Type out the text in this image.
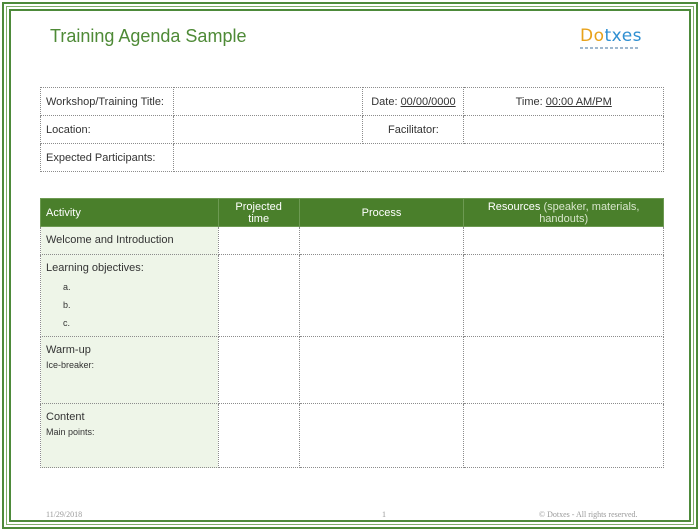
Training Agenda Sample	Dotxes
Workshop/Training Title:		Date: 00/00/0000	Time: 00:00 AM/PM
Location:		Facilitator:	
Expected Participants:			
Activity	Projected time	Process	Resources (speaker, materials, handouts)

Welcome and Introduction			

Learning objectives:
a.
b.
c.			

Warm-up
Ice-breaker:			

Content
Main points:			

11/29/2018	1	© Dotxes - All rights reserved.
